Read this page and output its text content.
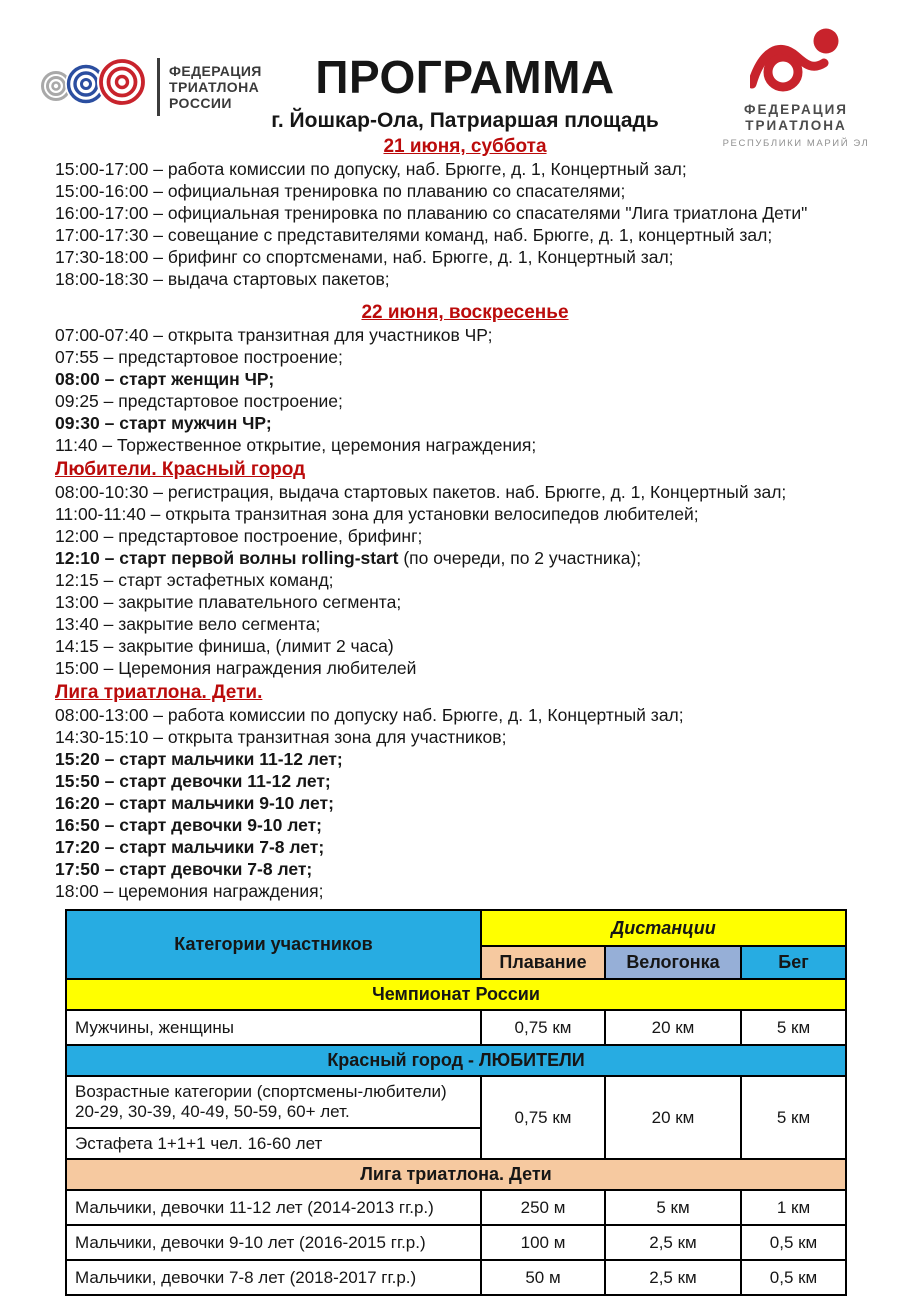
ФЕДЕРАЦИЯ
ТРИАТЛОНА
РОССИИ	ФЕДЕРАЦИЯ
ТРИАТЛОНА
РЕСПУБЛИКИ МАРИЙ ЭЛ
ПРОГРАММА
г. Йошкар-Ола, Патриаршая площадь
21 июня, суббота
15:00-17:00 – работа комиссии по допуску, наб. Брюгге, д. 1, Концертный зал;
15:00-16:00 – официальная тренировка по плаванию со спасателями;
16:00-17:00 – официальная тренировка по плаванию со спасателями "Лига триатлона Дети"
17:00-17:30 – совещание с представителями команд, наб. Брюгге, д. 1, концертный зал;
17:30-18:00 – брифинг со спортсменами, наб. Брюгге, д. 1, Концертный зал;
18:00-18:30 – выдача стартовых пакетов;
22 июня, воскресенье
07:00-07:40 – открыта транзитная для участников ЧР;
07:55 – предстартовое построение;
08:00 – старт женщин ЧР;
09:25 – предстартовое построение;
09:30 – старт мужчин ЧР;
11:40 – Торжественное открытие, церемония награждения;
Любители. Красный город
08:00-10:30 – регистрация, выдача стартовых пакетов. наб. Брюгге, д. 1, Концертный зал;
11:00-11:40 – открыта транзитная зона для установки велосипедов любителей;
12:00 – предстартовое построение, брифинг;
12:10 – старт первой волны rolling-start (по очереди, по 2 участника);
12:15 – старт эстафетных команд;
13:00 – закрытие плавательного сегмента;
13:40 – закрытие вело сегмента;
14:15 – закрытие финиша, (лимит 2 часа)
15:00 – Церемония награждения любителей
Лига триатлона. Дети.
08:00-13:00 – работа комиссии по допуску наб. Брюгге, д. 1, Концертный зал;
14:30-15:10 – открыта транзитная зона для участников;
15:20 – старт мальчики 11-12 лет;
15:50 – старт девочки 11-12 лет;
16:20 – старт мальчики 9-10 лет;
16:50 – старт девочки 9-10 лет;
17:20 – старт мальчики 7-8 лет;
17:50 – старт девочки 7-8 лет;
18:00 – церемония награждения;
Категории участников	Дистанции		
	Плавание	Велогонка	Бег
Чемпионат России			
Мужчины, женщины	0,75 км	20 км	5 км
Красный город - ЛЮБИТЕЛИ			
Возрастные категории (спортсмены-любители) 20-29, 30-39, 40-49, 50-59, 60+ лет.	0,75 км	20 км	5 км
Эстафета 1+1+1 чел. 16-60 лет			
Лига триатлона. Дети			
Мальчики, девочки 11-12 лет (2014-2013 гг.р.)	250 м	5 км	1 км
Мальчики, девочки 9-10 лет (2016-2015 гг.р.)	100 м	2,5 км	0,5 км
Мальчики, девочки 7-8 лет (2018-2017 гг.р.)	50 м	2,5 км	0,5 км
